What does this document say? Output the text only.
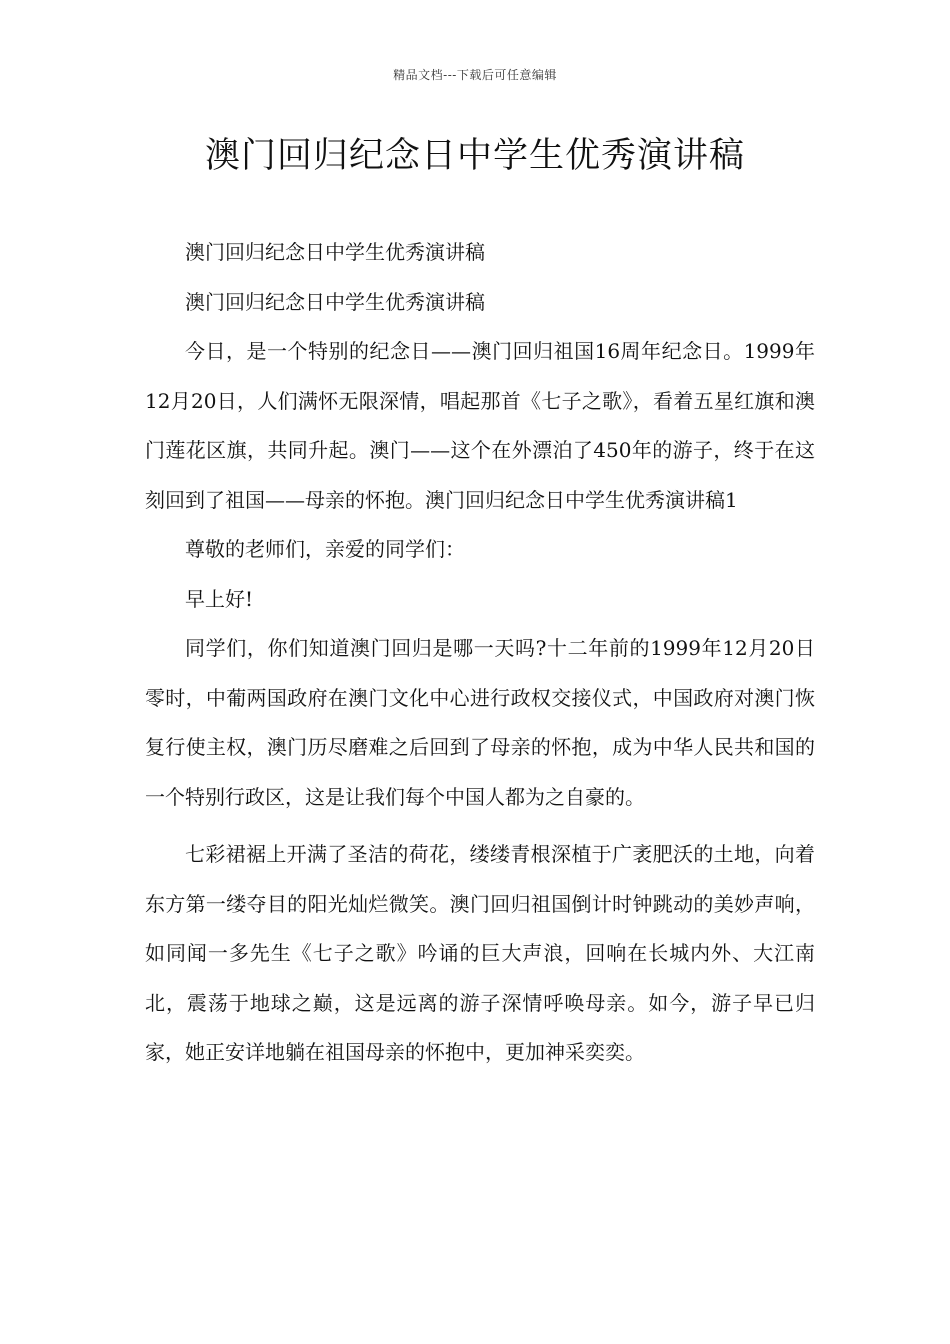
精品文档---下载后可任意编辑
澳门回归纪念日中学生优秀演讲稿

澳门回归纪念日中学生优秀演讲稿

澳门回归纪念日中学生优秀演讲稿

今日，是一个特别的纪念日——澳门回归祖国16周年纪念日。1999年12月20日，人们满怀无限深情，唱起那首《七子之歌》，看着五星红旗和澳门莲花区旗，共同升起。澳门——这个在外漂泊了450年的游子，终于在这刻回到了祖国——母亲的怀抱。澳门回归纪念日中学生优秀演讲稿1

尊敬的老师们，亲爱的同学们：

早上好!

同学们，你们知道澳门回归是哪一天吗?十二年前的1999年12月20日零时，中葡两国政府在澳门文化中心进行政权交接仪式，中国政府对澳门恢复行使主权，澳门历尽磨难之后回到了母亲的怀抱，成为中华人民共和国的一个特别行政区，这是让我们每个中国人都为之自豪的。

七彩裙裾上开满了圣洁的荷花，缕缕青根深植于广袤肥沃的土地，向着东方第一缕夺目的阳光灿烂微笑。澳门回归祖国倒计时钟跳动的美妙声响，如同闻一多先生《七子之歌》吟诵的巨大声浪，回响在长城内外、大江南北，震荡于地球之巅，这是远离的游子深情呼唤母亲。如今，游子早已归家，她正安详地躺在祖国母亲的怀抱中，更加神采奕奕。
